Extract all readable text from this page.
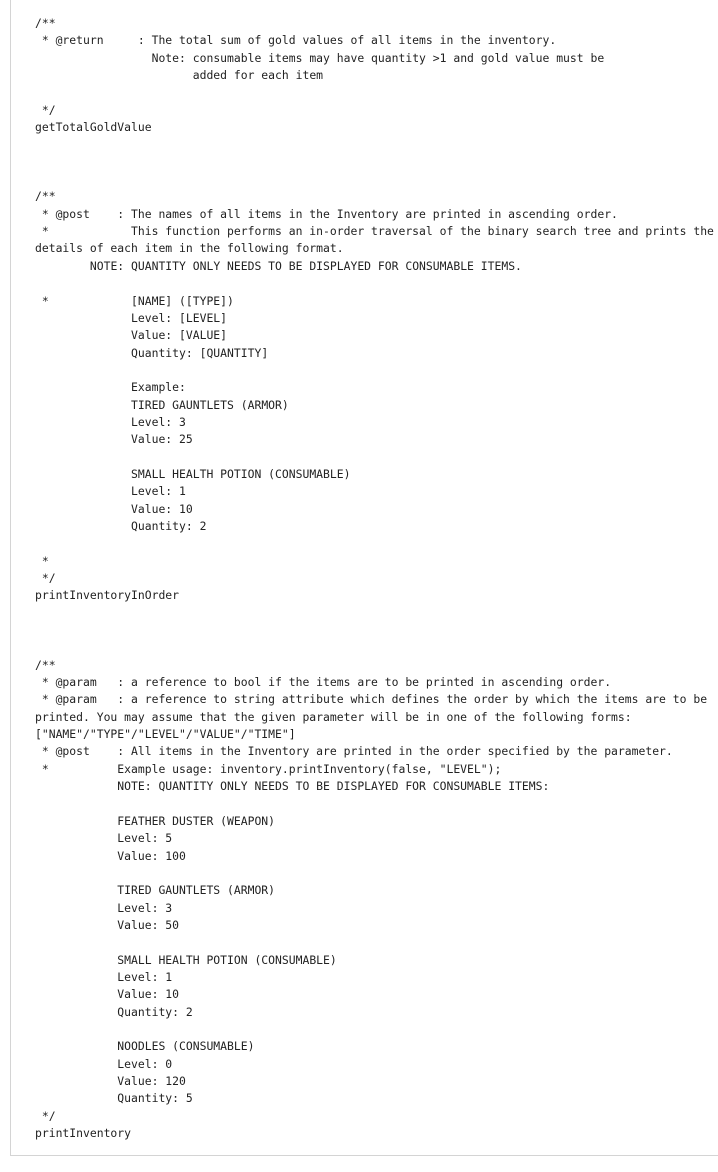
/**
* @return     : The total sum of gold values of all items in the inventory.
Note: consumable items may have quantity >1 and gold value must be
added for each item
*/
getTotalGoldValue
/**
* @post    : The names of all items in the Inventory are printed in ascending order.
*            This function performs an in-order traversal of the binary search tree and prints the
details of each item in the following format.
NOTE: QUANTITY ONLY NEEDS TO BE DISPLAYED FOR CONSUMABLE ITEMS.
*            [NAME] ([TYPE])
Level: [LEVEL]
Value: [VALUE]
Quantity: [QUANTITY]
Example:
TIRED GAUNTLETS (ARMOR)
Level: 3
Value: 25
SMALL HEALTH POTION (CONSUMABLE)
Level: 1
Value: 10
Quantity: 2
*
*/
printInventoryInOrder
/**
* @param   : a reference to bool if the items are to be printed in ascending order.
* @param   : a reference to string attribute which defines the order by which the items are to be
printed. You may assume that the given parameter will be in one of the following forms:
["NAME"/"TYPE"/"LEVEL"/"VALUE"/"TIME"]
* @post    : All items in the Inventory are printed in the order specified by the parameter.
*          Example usage: inventory.printInventory(false, "LEVEL");
NOTE: QUANTITY ONLY NEEDS TO BE DISPLAYED FOR CONSUMABLE ITEMS:
FEATHER DUSTER (WEAPON)
Level: 5
Value: 100
TIRED GAUNTLETS (ARMOR)
Level: 3
Value: 50
SMALL HEALTH POTION (CONSUMABLE)
Level: 1
Value: 10
Quantity: 2
NOODLES (CONSUMABLE)
Level: 0
Value: 120
Quantity: 5
*/
printInventory
